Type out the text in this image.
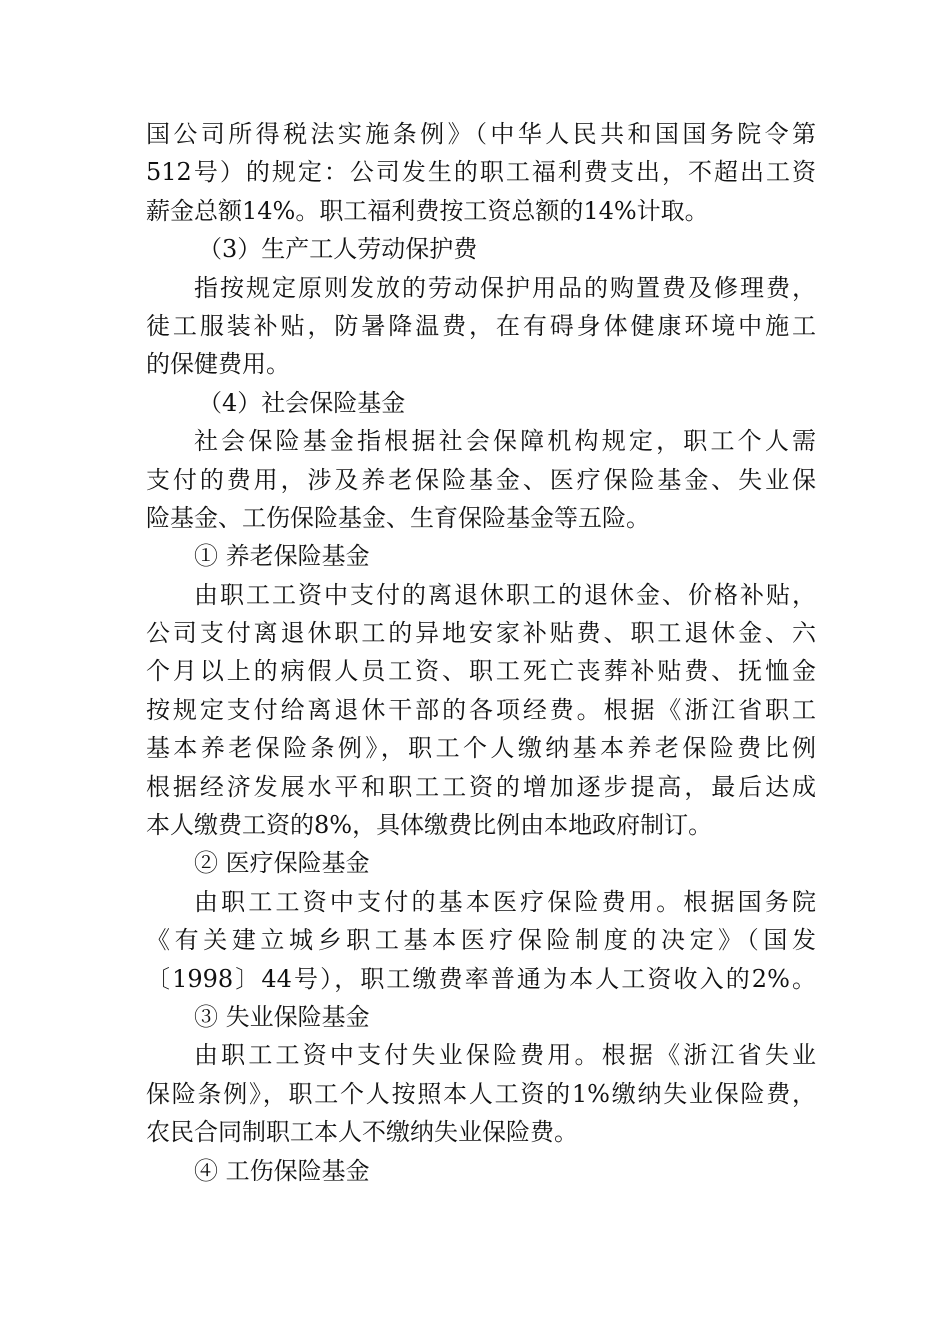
国公司所得税法实施条例》（中华人民共和国国务院令第
512号）的规定：公司发生的职工福利费支出，不超出工资
薪金总额14%。职工福利费按工资总额的14%计取。
（3）生产工人劳动保护费
指按规定原则发放的劳动保护用品的购置费及修理费，
徒工服装补贴，防暑降温费，在有碍身体健康环境中施工
的保健费用。
（4）社会保险基金
社会保险基金指根据社会保障机构规定，职工个人需
支付的费用，涉及养老保险基金、医疗保险基金、失业保
险基金、工伤保险基金、生育保险基金等五险。
① 养老保险基金
由职工工资中支付的离退休职工的退休金、价格补贴，
公司支付离退休职工的异地安家补贴费、职工退休金、六
个月以上的病假人员工资、职工死亡丧葬补贴费、抚恤金
按规定支付给离退休干部的各项经费。根据《浙江省职工
基本养老保险条例》，职工个人缴纳基本养老保险费比例
根据经济发展水平和职工工资的增加逐步提高，最后达成
本人缴费工资的8%，具体缴费比例由本地政府制订。
② 医疗保险基金
由职工工资中支付的基本医疗保险费用。根据国务院
《有关建立城乡职工基本医疗保险制度的决定》（国发
〔1998〕44号），职工缴费率普通为本人工资收入的2%。
③ 失业保险基金
由职工工资中支付失业保险费用。根据《浙江省失业
保险条例》，职工个人按照本人工资的1%缴纳失业保险费，
农民合同制职工本人不缴纳失业保险费。
④ 工伤保险基金
